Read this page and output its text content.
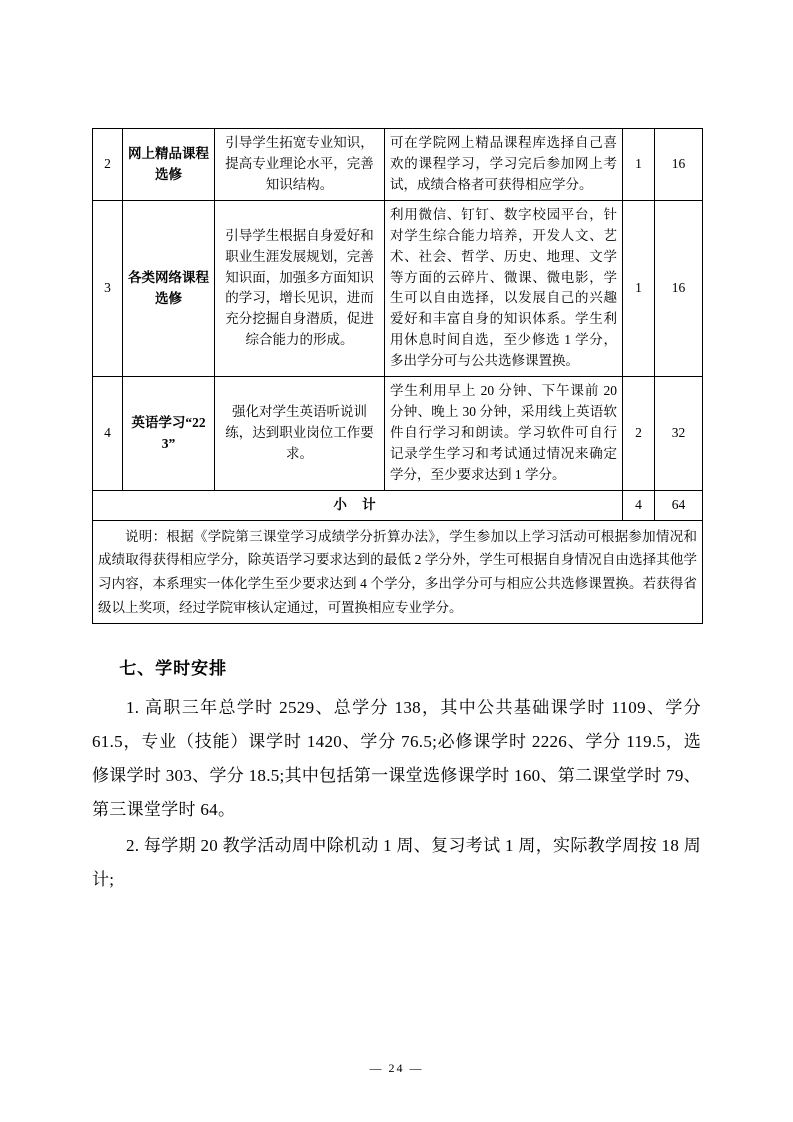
2	网上精品课程选修	引导学生拓宽专业知识，提高专业理论水平，完善知识结构。	可在学院网上精品课程库选择自己喜欢的课程学习，学习完后参加网上考试，成绩合格者可获得相应学分。	1	16
3	各类网络课程选修	引导学生根据自身爱好和职业生涯发展规划，完善知识面，加强多方面知识的学习，增长见识，进而充分挖掘自身潜质，促进综合能力的形成。	利用微信、钉钉、数字校园平台，针对学生综合能力培养，开发人文、艺术、社会、哲学、历史、地理、文学等方面的云碎片、微课、微电影，学生可以自由选择，以发展自己的兴趣爱好和丰富自身的知识体系。学生利用休息时间自选，至少修选 1 学分，多出学分可与公共选修课置换。	1	16
4	英语学习“223”	强化对学生英语听说训练，达到职业岗位工作要求。	学生利用早上 20 分钟、下午课前 20 分钟、晚上 30 分钟，采用线上英语软件自行学习和朗读。学习软件可自行记录学生学习和考试通过情况来确定学分，至少要求达到 1 学分。	2	32
小 计				4	64

说明：根据《学院第三课堂学习成绩学分折算办法》，学生参加以上学习活动可根据参加情况和成绩取得获得相应学分，除英语学习要求达到的最低 2 学分外，学生可根据自身情况自由选择其他学习内容，本系理实一体化学生至少要求达到 4 个学分，多出学分可与相应公共选修课置换。若获得省级以上奖项，经过学院审核认定通过，可置换相应专业学分。					

七、学时安排

1. 高职三年总学时 2529、总学分 138，其中公共基础课学时 1109、学分 61.5，专业（技能）课学时 1420、学分 76.5;必修课学时 2226、学分 119.5，选修课学时 303、学分 18.5;其中包括第一课堂选修课学时 160、第二课堂学时 79、第三课堂学时 64。

2. 每学期 20 教学活动周中除机动 1 周、复习考试 1 周，实际教学周按 18 周计;

— 24 —
